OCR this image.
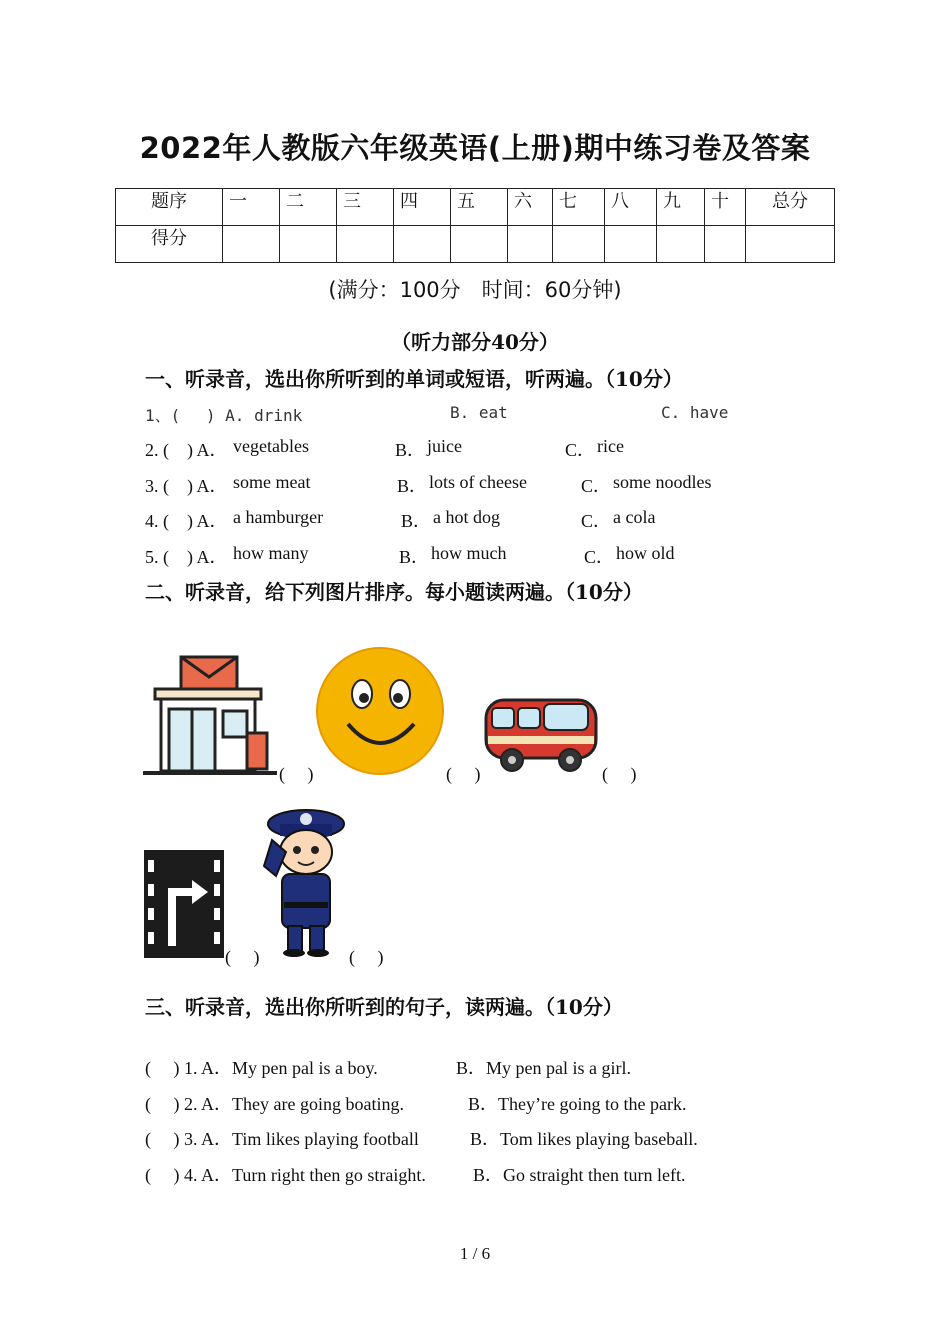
2022年人教版六年级英语(上册)期中练习卷及答案
题序	一	二	三	四	五	六	七	八	九	十	总分
得分											
(满分：100分　时间：60分钟)
（听力部分40分）
一、听录音，选出你所听到的单词或短语，听两遍。（10分）
1、(　 ) A. drink	B. eat	C. have
2. (　) A． vegetables	B． juice	C． rice
3. (　) A． some meat	B． lots of cheese	C． some noodles
4. (　) A． a hamburger	B． a hot dog	C． a cola
5. (　) A． how many	B． how much	C． how old
二、听录音，给下列图片排序。每小题读两遍。（10分）
(　 )	(　 )	(　 )
(　 )	(　 )
三、听录音，选出你所听到的句子，读两遍。（10分）
(　 ) 1. A．My pen pal is a boy.	B．My pen pal is a girl.
(　 ) 2. A．They are going boating.	B．They’re going to the park.
(　 ) 3. A．Tim likes playing football	B．Tom likes playing baseball.
(　 ) 4. A．Turn right then go straight.	B．Go straight then turn left.
1 / 6
